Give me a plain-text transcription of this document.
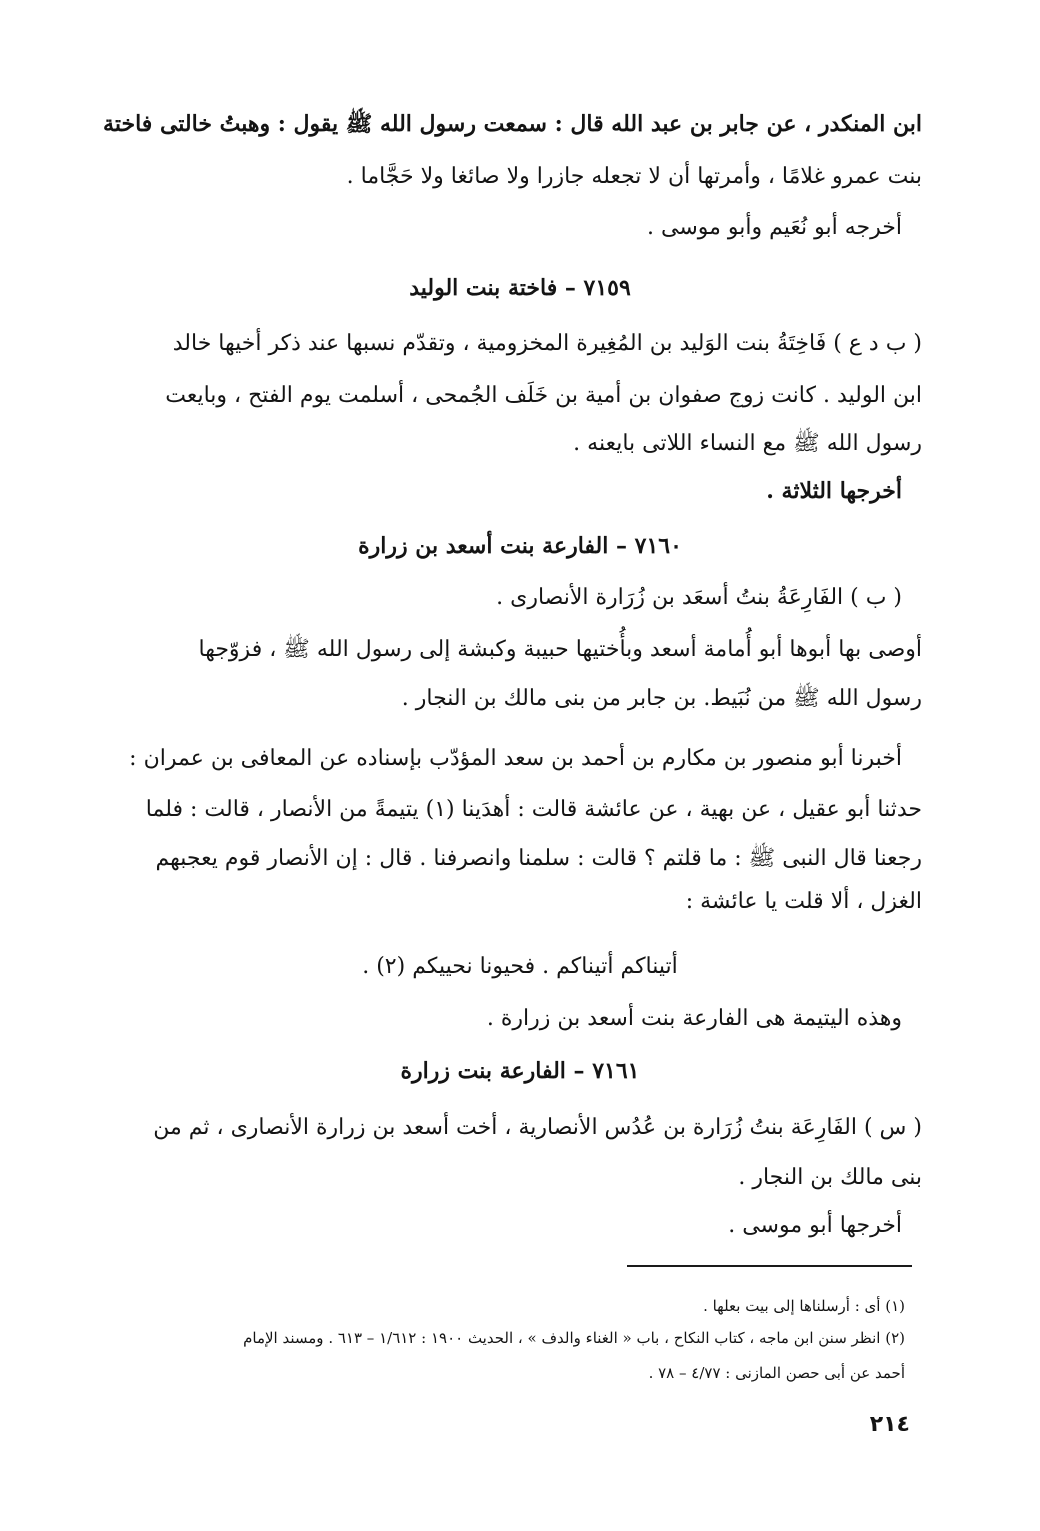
ابن المنكدر ، عن جابر بن عبد الله قال : سمعت رسول الله ﷺ يقول : وهبتُ خالتى فاختة
بنت عمرو غلامًا ، وأمرتها أن لا تجعله جازرا ولا صائغا ولا حَجَّاما .
أخرجه أبو نُعَيم وأبو موسى .
٧١٥٩ – فاختة بنت الوليد
( ب د ع ) فَاخِتَةُ بنت الوَليد بن المُغِيرة المخزومية ، وتقدّم نسبها عند ذكر أخيها خالد
ابن الوليد . كانت زوج صفوان بن أمية بن خَلَف الجُمحى ، أسلمت يوم الفتح ، وبايعت
رسول الله ﷺ مع النساء اللاتى بايعنه .
أخرجها الثلاثة .
٧١٦٠ – الفارعة بنت أسعد بن زرارة
( ب ) الفَارِعَةُ بنتُ أسعَد بن زُرَارة الأنصارى .
أوصى بها أبوها أبو أُمامة أسعد وبأُختيها حبيبة وكبشة إلى رسول الله ﷺ ، فزوّجها
رسول الله ﷺ من نُبَيط. بن جابر من بنى مالك بن النجار .
أخبرنا أبو منصور بن مكارم بن أحمد بن سعد المؤدّب بإسناده عن المعافى بن عمران :
حدثنا أبو عقيل ، عن بهية ، عن عائشة قالت : أهدَينا (١) يتيمةً من الأنصار ، قالت : فلما
رجعنا قال النبى ﷺ : ما قلتم ؟ قالت : سلمنا وانصرفنا . قال : إن الأنصار قوم يعجبهم
الغزل ، ألا قلت يا عائشة :
أتيناكم أتيناكم . فحيونا نحييكم (٢) .
وهذه اليتيمة هى الفارعة بنت أسعد بن زرارة .
٧١٦١ – الفارعة بنت زرارة
( س ) الفَارِعَة بنتُ زُرَارة بن عُدُس الأنصارية ، أخت أسعد بن زرارة الأنصارى ، ثم من
بنى مالك بن النجار .
أخرجها أبو موسى .
(١) أى : أرسلناها إلى بيت بعلها .
(٢) انظر سنن ابن ماجه ، كتاب النكاح ، باب « الغناء والدف » ، الحديث ١٩٠٠ : ١/٦١٢ – ٦١٣ . ومسند الإمام
أحمد عن أبى حصن المازنى : ٤/٧٧ – ٧٨ .
٢١٤
